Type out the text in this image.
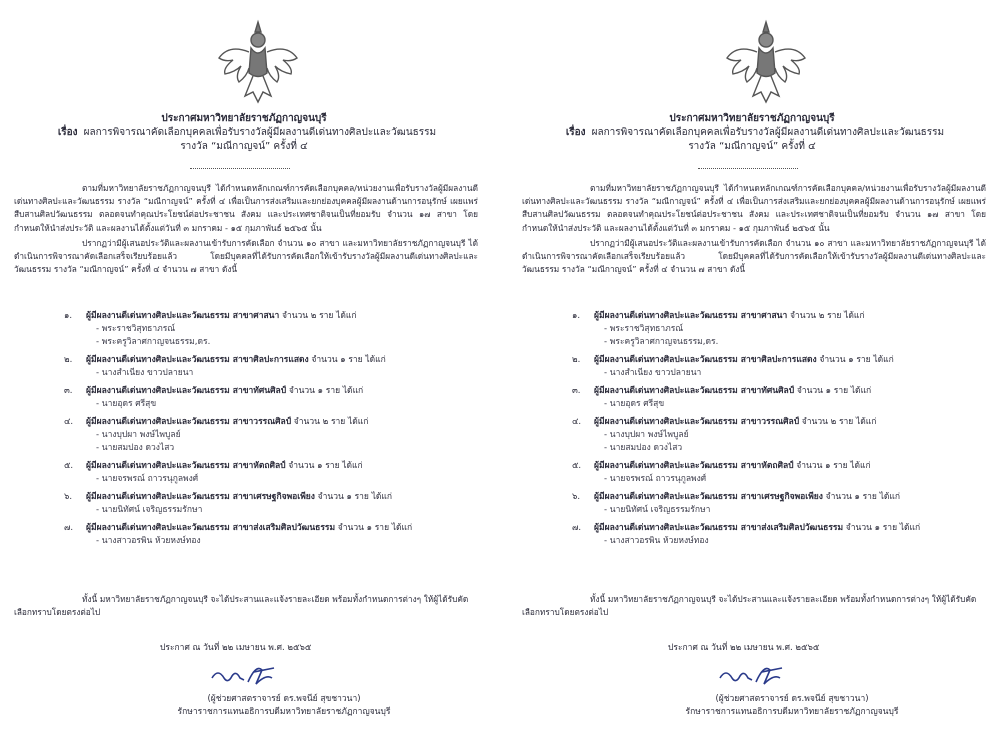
ประกาศมหาวิทยาลัยราชภัฏกาญจนบุรี
เรื่อง ผลการพิจารณาคัดเลือกบุคคลเพื่อรับรางวัลผู้มีผลงานดีเด่นทางศิลปะและวัฒนธรรม
รางวัล “มณีกาญจน์” ครั้งที่ ๔

ตามที่มหาวิทยาลัยราชภัฏกาญจนบุรี ได้กำหนดหลักเกณฑ์การคัดเลือกบุคคล/หน่วยงานเพื่อรับรางวัลผู้มีผลงานดีเด่นทางศิลปะและวัฒนธรรม รางวัล “มณีกาญจน์” ครั้งที่ ๔ เพื่อเป็นการส่งเสริมและยกย่องบุคคลผู้มีผลงานด้านการอนุรักษ์ เผยแพร่ สืบสานศิลปวัฒนธรรม ตลอดจนทำคุณประโยชน์ต่อประชาชน สังคม และประเทศชาติจนเป็นที่ยอมรับ จำนวน ๑๗ สาขา โดยกำหนดให้นำส่งประวัติ และผลงานได้ตั้งแต่วันที่ ๓ มกราคม - ๑๕ กุมภาพันธ์ ๒๕๖๕ นั้น

ปรากฏว่ามีผู้เสนอประวัติและผลงานเข้ารับการคัดเลือก จำนวน ๑๐ สาขา และมหาวิทยาลัยราชภัฏกาญจนบุรี ได้ดำเนินการพิจารณาคัดเลือกเสร็จเรียบร้อยแล้ว โดยมีบุคคลที่ได้รับการคัดเลือกให้เข้ารับรางวัลผู้มีผลงานดีเด่นทางศิลปะและวัฒนธรรม รางวัล “มณีกาญจน์” ครั้งที่ ๔ จำนวน ๗ สาขา ดังนี้

๑. ผู้มีผลงานดีเด่นทางศิลปะและวัฒนธรรม สาขาศาสนา จำนวน ๒ ราย ได้แก่
- พระราชวิสุทธาภรณ์
- พระครูวิลาศกาญจนธรรม,ดร.
๒. ผู้มีผลงานดีเด่นทางศิลปะและวัฒนธรรม สาขาศิลปะการแสดง จำนวน ๑ ราย ได้แก่
- นางสำเนียง ขาวปลายนา
๓. ผู้มีผลงานดีเด่นทางศิลปะและวัฒนธรรม สาขาทัศนศิลป์ จำนวน ๑ ราย ได้แก่
- นายอุดร ศรีสุข
๔. ผู้มีผลงานดีเด่นทางศิลปะและวัฒนธรรม สาขาวรรณศิลป์ จำนวน ๒ ราย ได้แก่
- นางบุปผา พงษ์ไพบูลย์
- นายสมปอง ดวงไสว
๕. ผู้มีผลงานดีเด่นทางศิลปะและวัฒนธรรม สาขาหัตถศิลป์ จำนวน ๑ ราย ได้แก่
- นายจรพรณ์ ถาวรนุกูลพงศ์
๖. ผู้มีผลงานดีเด่นทางศิลปะและวัฒนธรรม สาขาเศรษฐกิจพอเพียง จำนวน ๑ ราย ได้แก่
- นายนิทัศน์ เจริญธรรมรักษา
๗. ผู้มีผลงานดีเด่นทางศิลปะและวัฒนธรรม สาขาส่งเสริมศิลปวัฒนธรรม จำนวน ๑ ราย ได้แก่
- นางสาวอรพิน ห้วยหงษ์ทอง

ทั้งนี้ มหาวิทยาลัยราชภัฏกาญจนบุรี จะได้ประสานและแจ้งรายละเอียด พร้อมทั้งกำหนดการต่างๆ ให้ผู้ได้รับคัดเลือกทราบโดยตรงต่อไป

ประกาศ ณ วันที่ ๒๒ เมษายน พ.ศ. ๒๕๖๕
(ผู้ช่วยศาสตราจารย์ ดร.พจนีย์ สุขชาวนา)
รักษาราชการแทนอธิการบดีมหาวิทยาลัยราชภัฏกาญจนบุรี
ประกาศมหาวิทยาลัยราชภัฏกาญจนบุรี
เรื่อง ผลการพิจารณาคัดเลือกบุคคลเพื่อรับรางวัลผู้มีผลงานดีเด่นทางศิลปะและวัฒนธรรม
รางวัล “มณีกาญจน์” ครั้งที่ ๔

ตามที่มหาวิทยาลัยราชภัฏกาญจนบุรี ได้กำหนดหลักเกณฑ์การคัดเลือกบุคคล/หน่วยงานเพื่อรับรางวัลผู้มีผลงานดีเด่นทางศิลปะและวัฒนธรรม รางวัล “มณีกาญจน์” ครั้งที่ ๔ เพื่อเป็นการส่งเสริมและยกย่องบุคคลผู้มีผลงานด้านการอนุรักษ์ เผยแพร่ สืบสานศิลปวัฒนธรรม ตลอดจนทำคุณประโยชน์ต่อประชาชน สังคม และประเทศชาติจนเป็นที่ยอมรับ จำนวน ๑๗ สาขา โดยกำหนดให้นำส่งประวัติ และผลงานได้ตั้งแต่วันที่ ๓ มกราคม - ๑๕ กุมภาพันธ์ ๒๕๖๕ นั้น

ปรากฏว่ามีผู้เสนอประวัติและผลงานเข้ารับการคัดเลือก จำนวน ๑๐ สาขา และมหาวิทยาลัยราชภัฏกาญจนบุรี ได้ดำเนินการพิจารณาคัดเลือกเสร็จเรียบร้อยแล้ว โดยมีบุคคลที่ได้รับการคัดเลือกให้เข้ารับรางวัลผู้มีผลงานดีเด่นทางศิลปะและวัฒนธรรม รางวัล “มณีกาญจน์” ครั้งที่ ๔ จำนวน ๗ สาขา ดังนี้

๑. ผู้มีผลงานดีเด่นทางศิลปะและวัฒนธรรม สาขาศาสนา จำนวน ๒ ราย ได้แก่
- พระราชวิสุทธาภรณ์
- พระครูวิลาศกาญจนธรรม,ดร.
๒. ผู้มีผลงานดีเด่นทางศิลปะและวัฒนธรรม สาขาศิลปะการแสดง จำนวน ๑ ราย ได้แก่
- นางสำเนียง ขาวปลายนา
๓. ผู้มีผลงานดีเด่นทางศิลปะและวัฒนธรรม สาขาทัศนศิลป์ จำนวน ๑ ราย ได้แก่
- นายอุดร ศรีสุข
๔. ผู้มีผลงานดีเด่นทางศิลปะและวัฒนธรรม สาขาวรรณศิลป์ จำนวน ๒ ราย ได้แก่
- นางบุปผา พงษ์ไพบูลย์
- นายสมปอง ดวงไสว
๕. ผู้มีผลงานดีเด่นทางศิลปะและวัฒนธรรม สาขาหัตถศิลป์ จำนวน ๑ ราย ได้แก่
- นายจรพรณ์ ถาวรนุกูลพงศ์
๖. ผู้มีผลงานดีเด่นทางศิลปะและวัฒนธรรม สาขาเศรษฐกิจพอเพียง จำนวน ๑ ราย ได้แก่
- นายนิทัศน์ เจริญธรรมรักษา
๗. ผู้มีผลงานดีเด่นทางศิลปะและวัฒนธรรม สาขาส่งเสริมศิลปวัฒนธรรม จำนวน ๑ ราย ได้แก่
- นางสาวอรพิน ห้วยหงษ์ทอง

ทั้งนี้ มหาวิทยาลัยราชภัฏกาญจนบุรี จะได้ประสานและแจ้งรายละเอียด พร้อมทั้งกำหนดการต่างๆ ให้ผู้ได้รับคัดเลือกทราบโดยตรงต่อไป

ประกาศ ณ วันที่ ๒๒ เมษายน พ.ศ. ๒๕๖๕
(ผู้ช่วยศาสตราจารย์ ดร.พจนีย์ สุขชาวนา)
รักษาราชการแทนอธิการบดีมหาวิทยาลัยราชภัฏกาญจนบุรี
